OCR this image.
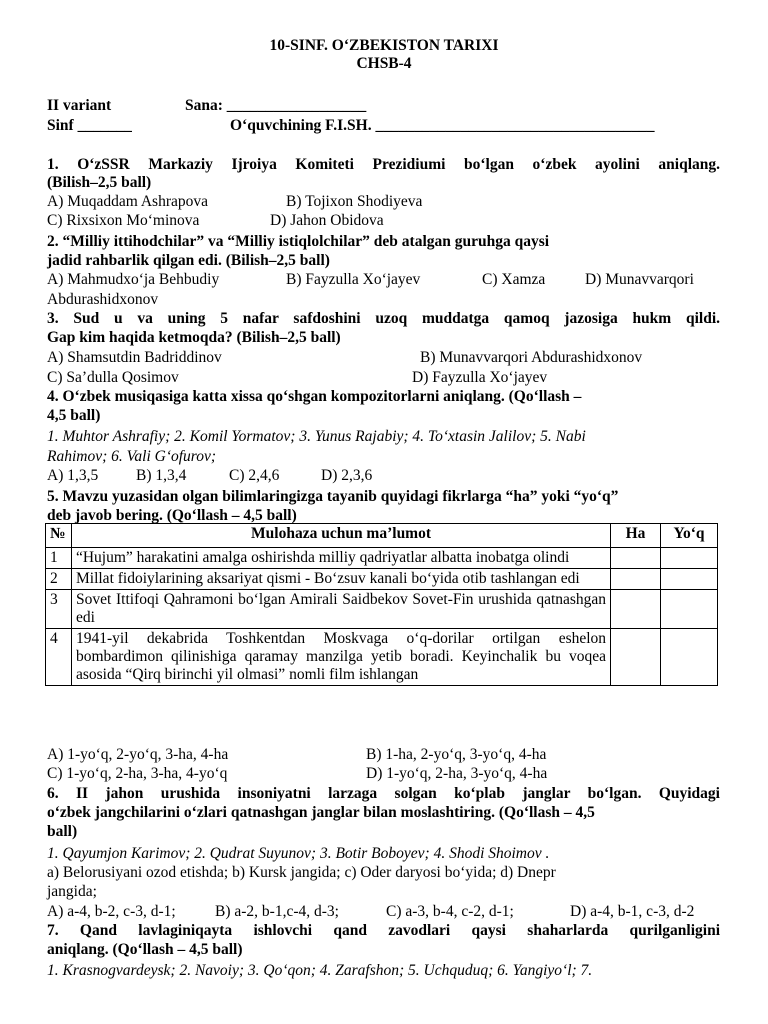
10-SINF. O‘ZBEKISTON TARIXI
CHSB-4
II variant	Sana: __________________
Sinf _______	O‘quvchining F.I.SH. ____________________________________
1. O‘zSSR Markaziy Ijroiya Komiteti Prezidiumi bo‘lgan o‘zbek ayolini aniqlang.
(Bilish–2,5 ball)
A) Muqaddam Ashrapova	B) Tojixon Shodiyeva
C) Rixsixon Mo‘minova	D) Jahon Obidova
2. “Milliy ittihodchilar” va “Milliy istiqlolchilar” deb atalgan guruhga qaysi
jadid rahbarlik qilgan edi. (Bilish–2,5 ball)
A) Mahmudxo‘ja Behbudiy	B) Fayzulla Xo‘jayev	C) Xamza	D) Munavvarqori
Abdurashidxonov
3. Sud u va uning 5 nafar safdoshini uzoq muddatga qamoq jazosiga hukm qildi.
Gap kim haqida ketmoqda? (Bilish–2,5 ball)
A) Shamsutdin Badriddinov	B) Munavvarqori Abdurashidxonov
C) Sa’dulla Qosimov	D) Fayzulla Xo‘jayev
4. O‘zbek musiqasiga katta xissa qo‘shgan kompozitorlarni aniqlang. (Qo‘llash –
4,5 ball)
1. Muhtor Ashrafiy; 2. Komil Yormatov; 3. Yunus Rajabiy; 4. To‘xtasin Jalilov; 5. Nabi
Rahimov; 6. Vali G‘ofurov;
A) 1,3,5 B) 1,3,4	C) 2,4,6	D) 2,3,6
5. Mavzu yuzasidan olgan bilimlaringizga tayanib quyidagi fikrlarga “ha” yoki “yo‘q”
deb javob bering. (Qo‘llash – 4,5 ball)
№	Mulohaza uchun ma’lumot	Ha	Yo‘q
1	“Hujum” harakatini amalga oshirishda milliy qadriyatlar albatta inobatga olindi		
2	Millat fidoiylarining aksariyat qismi - Bo‘zsuv kanali bo‘yida otib tashlangan edi		
3	Sovet Ittifoqi Qahramoni bo‘lgan Amirali Saidbekov Sovet-Fin urushida qatnashgan edi		
4	1941-yil dekabrida Toshkentdan Moskvaga o‘q-dorilar ortilgan eshelon bombardimon qilinishiga qaramay manzilga yetib boradi. Keyinchalik bu voqea asosida “Qirq birinchi yil olmasi” nomli film ishlangan		
A) 1-yo‘q, 2-yo‘q, 3-ha, 4-ha	B) 1-ha, 2-yo‘q, 3-yo‘q, 4-ha
C) 1-yo‘q, 2-ha, 3-ha, 4-yo‘q	D) 1-yo‘q, 2-ha, 3-yo‘q, 4-ha
6. II jahon urushida insoniyatni larzaga solgan ko‘plab janglar bo‘lgan. Quyidagi
o‘zbek jangchilarini o‘zlari qatnashgan janglar bilan moslashtiring. (Qo‘llash – 4,5
ball)
1. Qayumjon Karimov; 2. Qudrat Suyunov; 3. Botir Boboyev; 4. Shodi Shoimov .
a) Belorusiyani ozod etishda; b) Kursk jangida; c) Oder daryosi bo‘yida; d) Dnepr
jangida;
A) a-4, b-2, c-3, d-1;	B) a-2, b-1,c-4, d-3;	C) a-3, b-4, c-2, d-1;	D) a-4, b-1, c-3, d-2
7. Qand lavlaginiqayta ishlovchi qand zavodlari qaysi shaharlarda qurilganligini
aniqlang. (Qo‘llash – 4,5 ball)
1. Krasnogvardeysk; 2. Navoiy; 3. Qo‘qon; 4. Zarafshon; 5. Uchquduq; 6. Yangiyo‘l; 7.
